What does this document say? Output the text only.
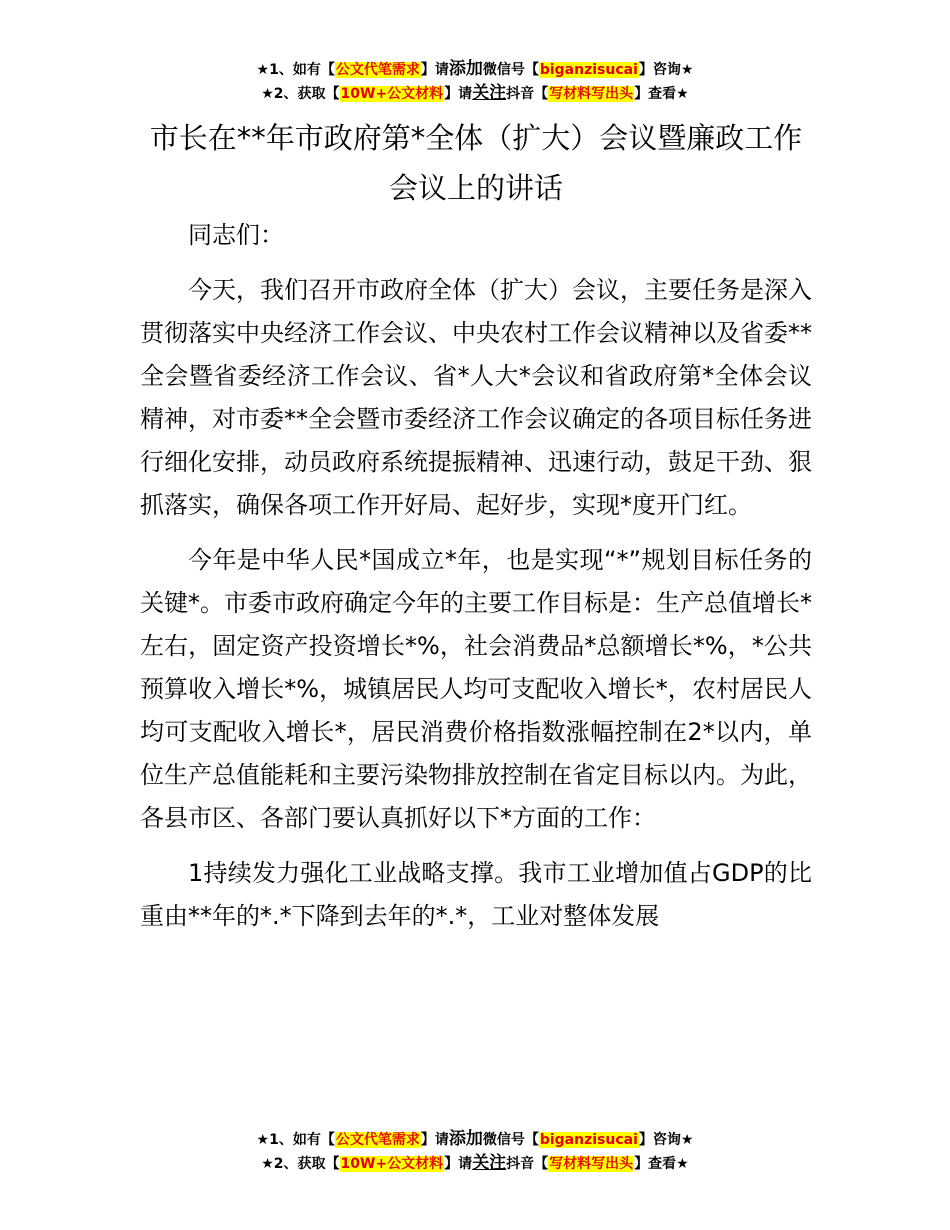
★1、如有【公文代笔需求】请添加微信号【biganzisucai】咨询★
★2、获取【10W+公文材料】请关注抖音【写材料写出头】查看★
市长在**年市政府第*全体（扩大）会议暨廉政工作会议上的讲话

同志们：

今天，我们召开市政府全体（扩大）会议，主要任务是深入贯彻落实中央经济工作会议、中央农村工作会议精神以及省委**全会暨省委经济工作会议、省*人大*会议和省政府第*全体会议精神，对市委**全会暨市委经济工作会议确定的各项目标任务进行细化安排，动员政府系统提振精神、迅速行动，鼓足干劲、狠抓落实，确保各项工作开好局、起好步，实现*度开门红。

今年是中华人民*国成立*年，也是实现“*”规划目标任务的关键*。市委市政府确定今年的主要工作目标是：生产总值增长*左右，固定资产投资增长*%，社会消费品*总额增长*%，*公共预算收入增长*%，城镇居民人均可支配收入增长*，农村居民人均可支配收入增长*，居民消费价格指数涨幅控制在2*以内，单位生产总值能耗和主要污染物排放控制在省定目标以内。为此，各县市区、各部门要认真抓好以下*方面的工作：

1持续发力强化工业战略支撑。我市工业增加值占GDP的比重由**年的*.*下降到去年的*.*，工业对整体发展

★1、如有【公文代笔需求】请添加微信号【biganzisucai】咨询★
★2、获取【10W+公文材料】请关注抖音【写材料写出头】查看★
